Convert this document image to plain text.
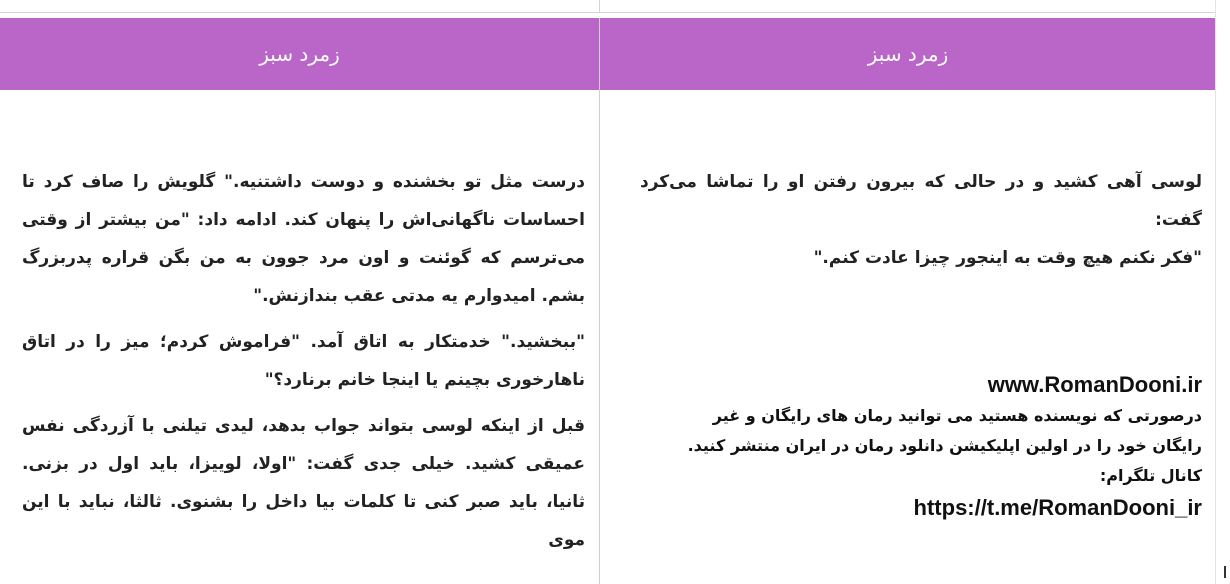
زمرد سبز

درست مثل تو بخشنده و دوست داشتنیه." گلویش را صاف کرد تا احساسات ناگهانی‌اش را پنهان کند. ادامه داد: "من بیشتر از وقتی می‌ترسم که گوئنت و اون مرد جوون به من بگن قراره پدربزرگ بشم. امیدوارم یه مدتی عقب بندازنش."

"ببخشید." خدمتکار به اتاق آمد. "فراموش کردم؛ میز را در اتاق ناهارخوری بچینم یا اینجا خانم برنارد؟"

قبل از اینکه لوسی بتواند جواب بدهد، لیدی تیلنی با آزردگی نفس عمیقی کشید. خیلی جدی گفت: "اولا، لوییزا، باید اول در بزنی. ثانیا، باید صبر کنی تا کلمات بیا داخل را بشنوی. ثالثا، نباید با این موی

زمرد سبز

لوسی آهی کشید و در حالی که بیرون رفتن او را تماشا می‌کرد گفت:

"فکر نکنم هیچ وقت به اینجور چیزا عادت کنم."

www.RomanDooni.ir
درصورتی که نویسنده هستید می توانید رمان های رایگان و غیر
رایگان خود را در اولین اپلیکیشن دانلود رمان در ایران منتشر کنید.
کانال تلگرام:
https://t.me/RomanDooni_ir
